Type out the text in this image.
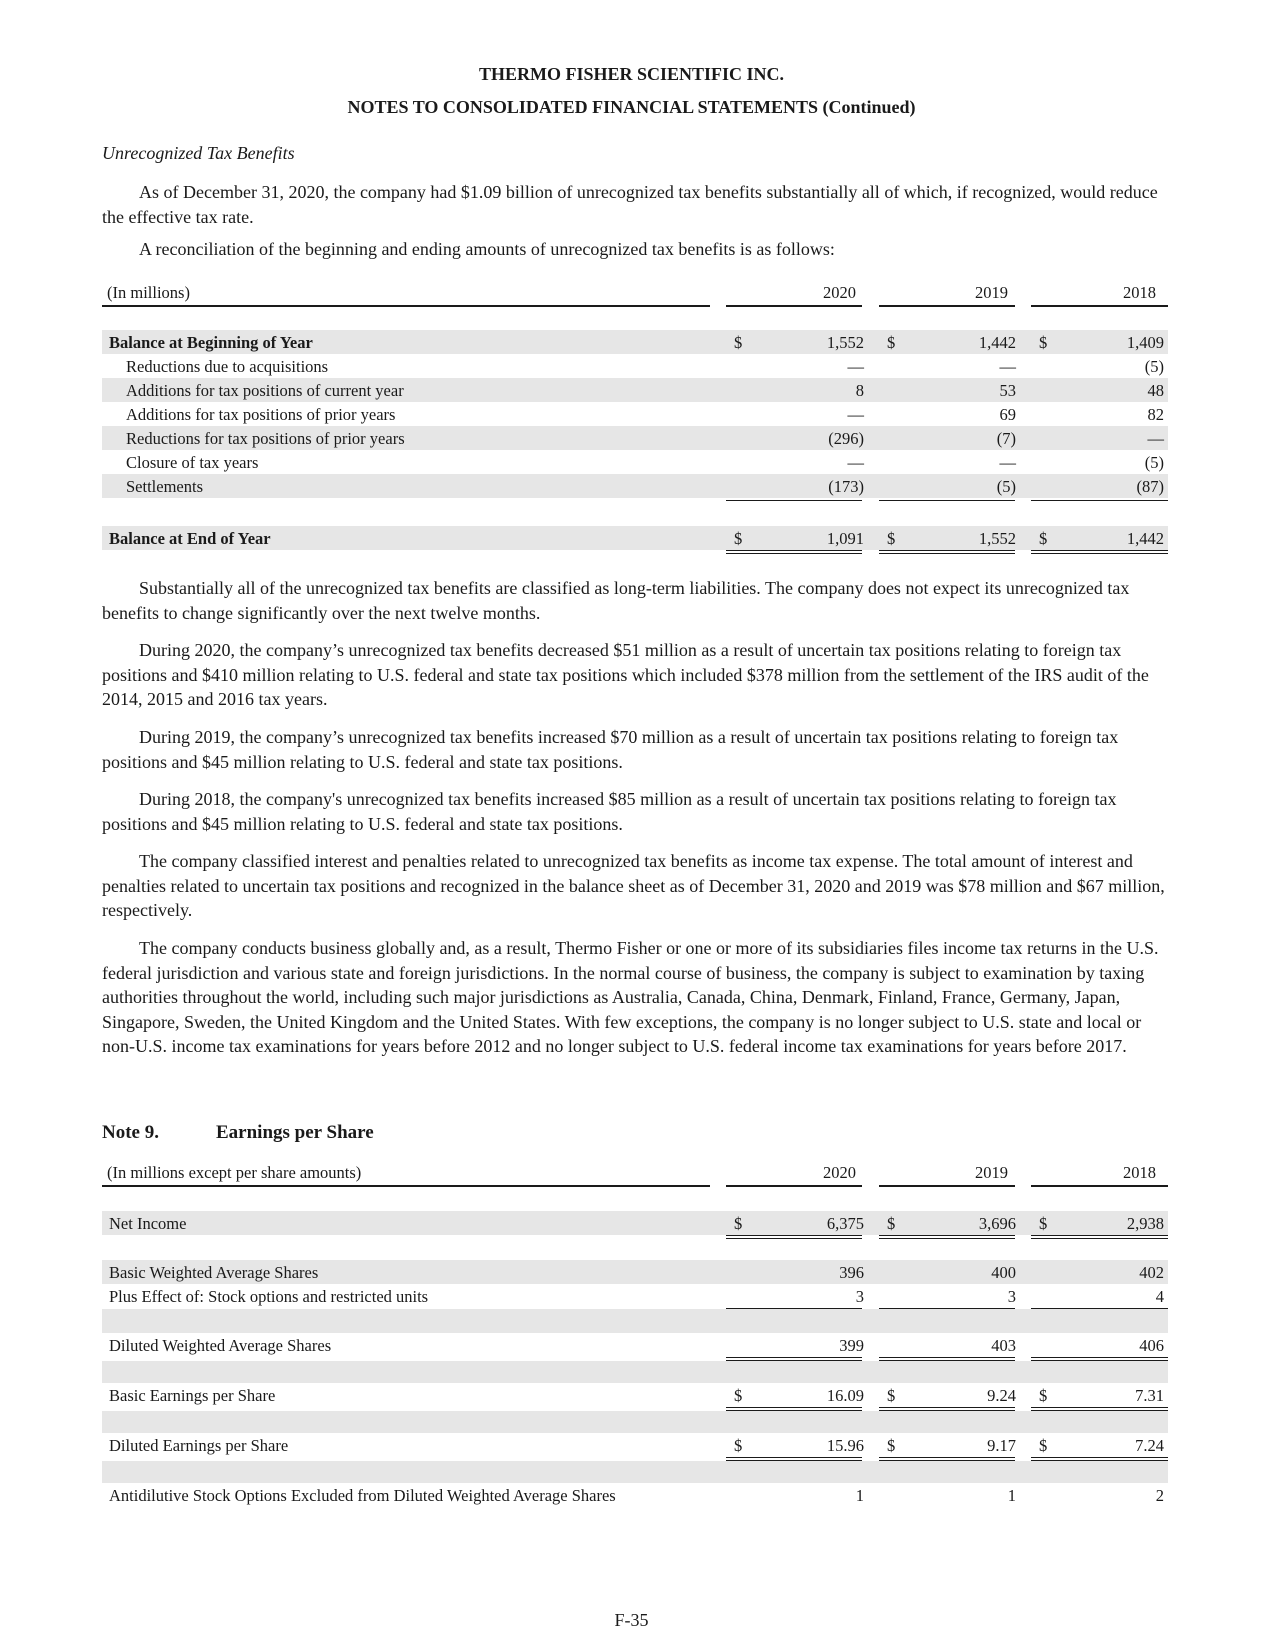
THERMO FISHER SCIENTIFIC INC.
NOTES TO CONSOLIDATED FINANCIAL STATEMENTS (Continued)
Unrecognized Tax Benefits

As of December 31, 2020, the company had $1.09 billion of unrecognized tax benefits substantially all of which, if recognized, would reduce the effective tax rate.

A reconciliation of the beginning and ending amounts of unrecognized tax benefits is as follows:

(In millions)	2020	2019	2018
Balance at Beginning of Year	$	1,552 $	1,442 $	1,409
Reductions due to acquisitions	—	—	(5)
Additions for tax positions of current year	8	53	48
Additions for tax positions of prior years	—	69	82
Reductions for tax positions of prior years	(296)	(7)	—
Closure of tax years	—	—	(5)
Settlements	(173)	(5)	(87)
Balance at End of Year	$	1,091 $	1,552 $	1,442

Substantially all of the unrecognized tax benefits are classified as long-term liabilities. The company does not expect its unrecognized tax benefits to change significantly over the next twelve months.

During 2020, the company’s unrecognized tax benefits decreased $51 million as a result of uncertain tax positions relating to foreign tax positions and $410 million relating to U.S. federal and state tax positions which included $378 million from the settlement of the IRS audit of the 2014, 2015 and 2016 tax years.

During 2019, the company’s unrecognized tax benefits increased $70 million as a result of uncertain tax positions relating to foreign tax positions and $45 million relating to U.S. federal and state tax positions.

During 2018, the company's unrecognized tax benefits increased $85 million as a result of uncertain tax positions relating to foreign tax positions and $45 million relating to U.S. federal and state tax positions.

The company classified interest and penalties related to unrecognized tax benefits as income tax expense. The total amount of interest and penalties related to uncertain tax positions and recognized in the balance sheet as of December 31, 2020 and 2019 was $78 million and $67 million, respectively.

The company conducts business globally and, as a result, Thermo Fisher or one or more of its subsidiaries files income tax returns in the U.S. federal jurisdiction and various state and foreign jurisdictions. In the normal course of business, the company is subject to examination by taxing authorities throughout the world, including such major jurisdictions as Australia, Canada, China, Denmark, Finland, France, Germany, Japan, Singapore, Sweden, the United Kingdom and the United States. With few exceptions, the company is no longer subject to U.S. state and local or non-U.S. income tax examinations for years before 2012 and no longer subject to U.S. federal income tax examinations for years before 2017.

Note 9.	Earnings per Share
(In millions except per share amounts)	2020	2019	2018
Net Income	$	6,375 $	3,696 $	2,938
Basic Weighted Average Shares	396	400	402
Plus Effect of: Stock options and restricted units	3	3	4
Diluted Weighted Average Shares	399	403	406
Basic Earnings per Share	$	16.09 $	9.24 $	7.31
Diluted Earnings per Share	$	15.96 $	9.17 $	7.24
Antidilutive Stock Options Excluded from Diluted Weighted Average Shares	1	1	2
F-35
